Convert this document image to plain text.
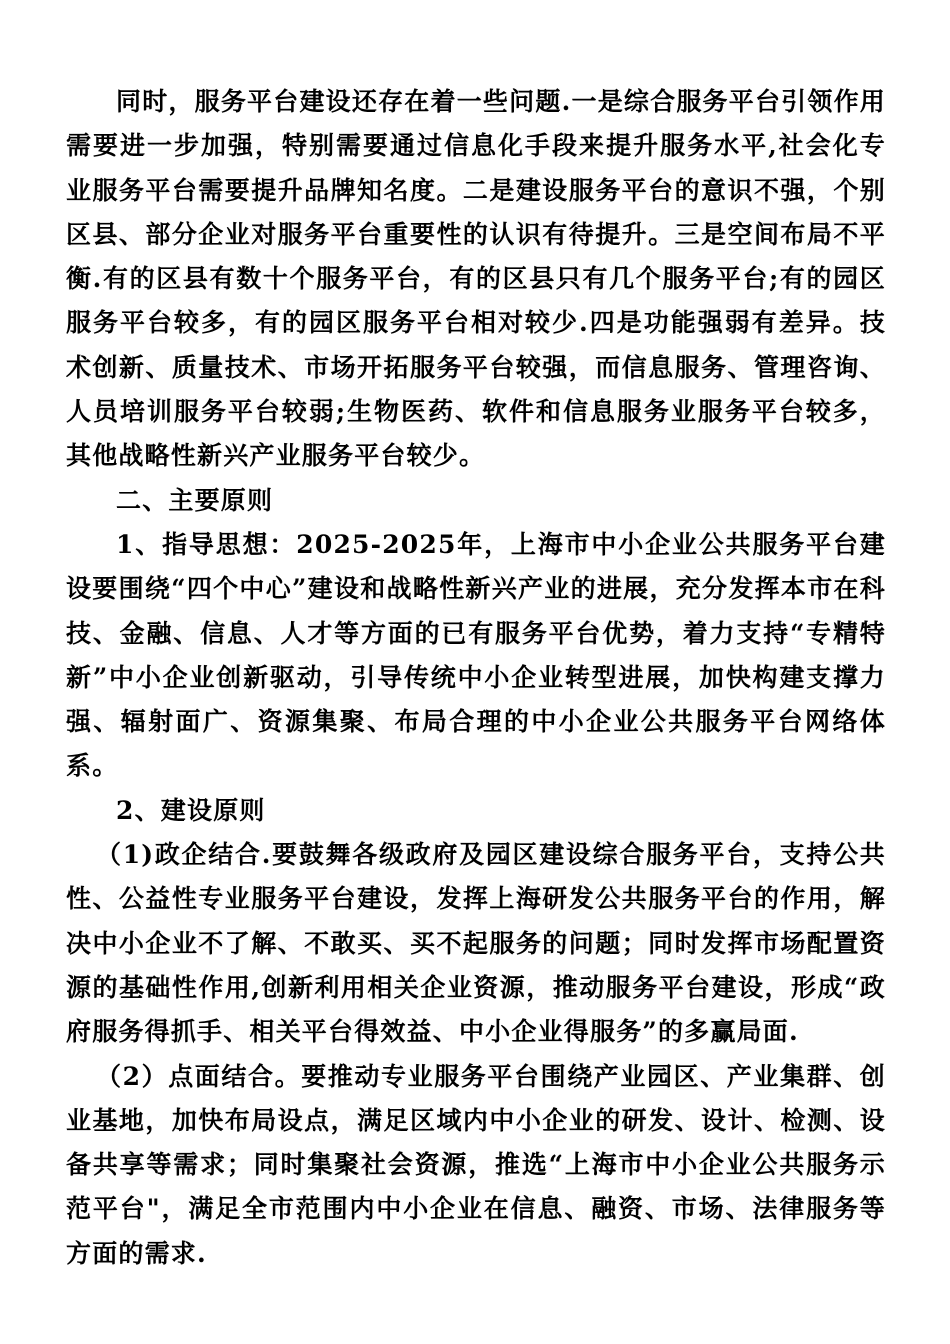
同时，服务平台建设还存在着一些问题.一是综合服务平台引领作用需要进一步加强，特别需要通过信息化手段来提升服务水平,社会化专业服务平台需要提升品牌知名度。二是建设服务平台的意识不强，个别区县、部分企业对服务平台重要性的认识有待提升。三是空间布局不平衡.有的区县有数十个服务平台，有的区县只有几个服务平台;有的园区服务平台较多，有的园区服务平台相对较少.四是功能强弱有差异。技术创新、质量技术、市场开拓服务平台较强，而信息服务、管理咨询、人员培训服务平台较弱;生物医药、软件和信息服务业服务平台较多，其他战略性新兴产业服务平台较少。

二、主要原则

1、指导思想：2025-2025年，上海市中小企业公共服务平台建设要围绕“四个中心”建设和战略性新兴产业的进展，充分发挥本市在科技、金融、信息、人才等方面的已有服务平台优势，着力支持“专精特新”中小企业创新驱动，引导传统中小企业转型进展，加快构建支撑力强、辐射面广、资源集聚、布局合理的中小企业公共服务平台网络体系。

2、建设原则

（1)政企结合.要鼓舞各级政府及园区建设综合服务平台，支持公共性、公益性专业服务平台建设，发挥上海研发公共服务平台的作用，解决中小企业不了解、不敢买、买不起服务的问题；同时发挥市场配置资源的基础性作用,创新利用相关企业资源，推动服务平台建设，形成“政府服务得抓手、相关平台得效益、中小企业得服务”的多赢局面.

（2）点面结合。要推动专业服务平台围绕产业园区、产业集群、创业基地，加快布局设点，满足区域内中小企业的研发、设计、检测、设备共享等需求；同时集聚社会资源，推选“上海市中小企业公共服务示范平台"，满足全市范围内中小企业在信息、融资、市场、法律服务等方面的需求.
